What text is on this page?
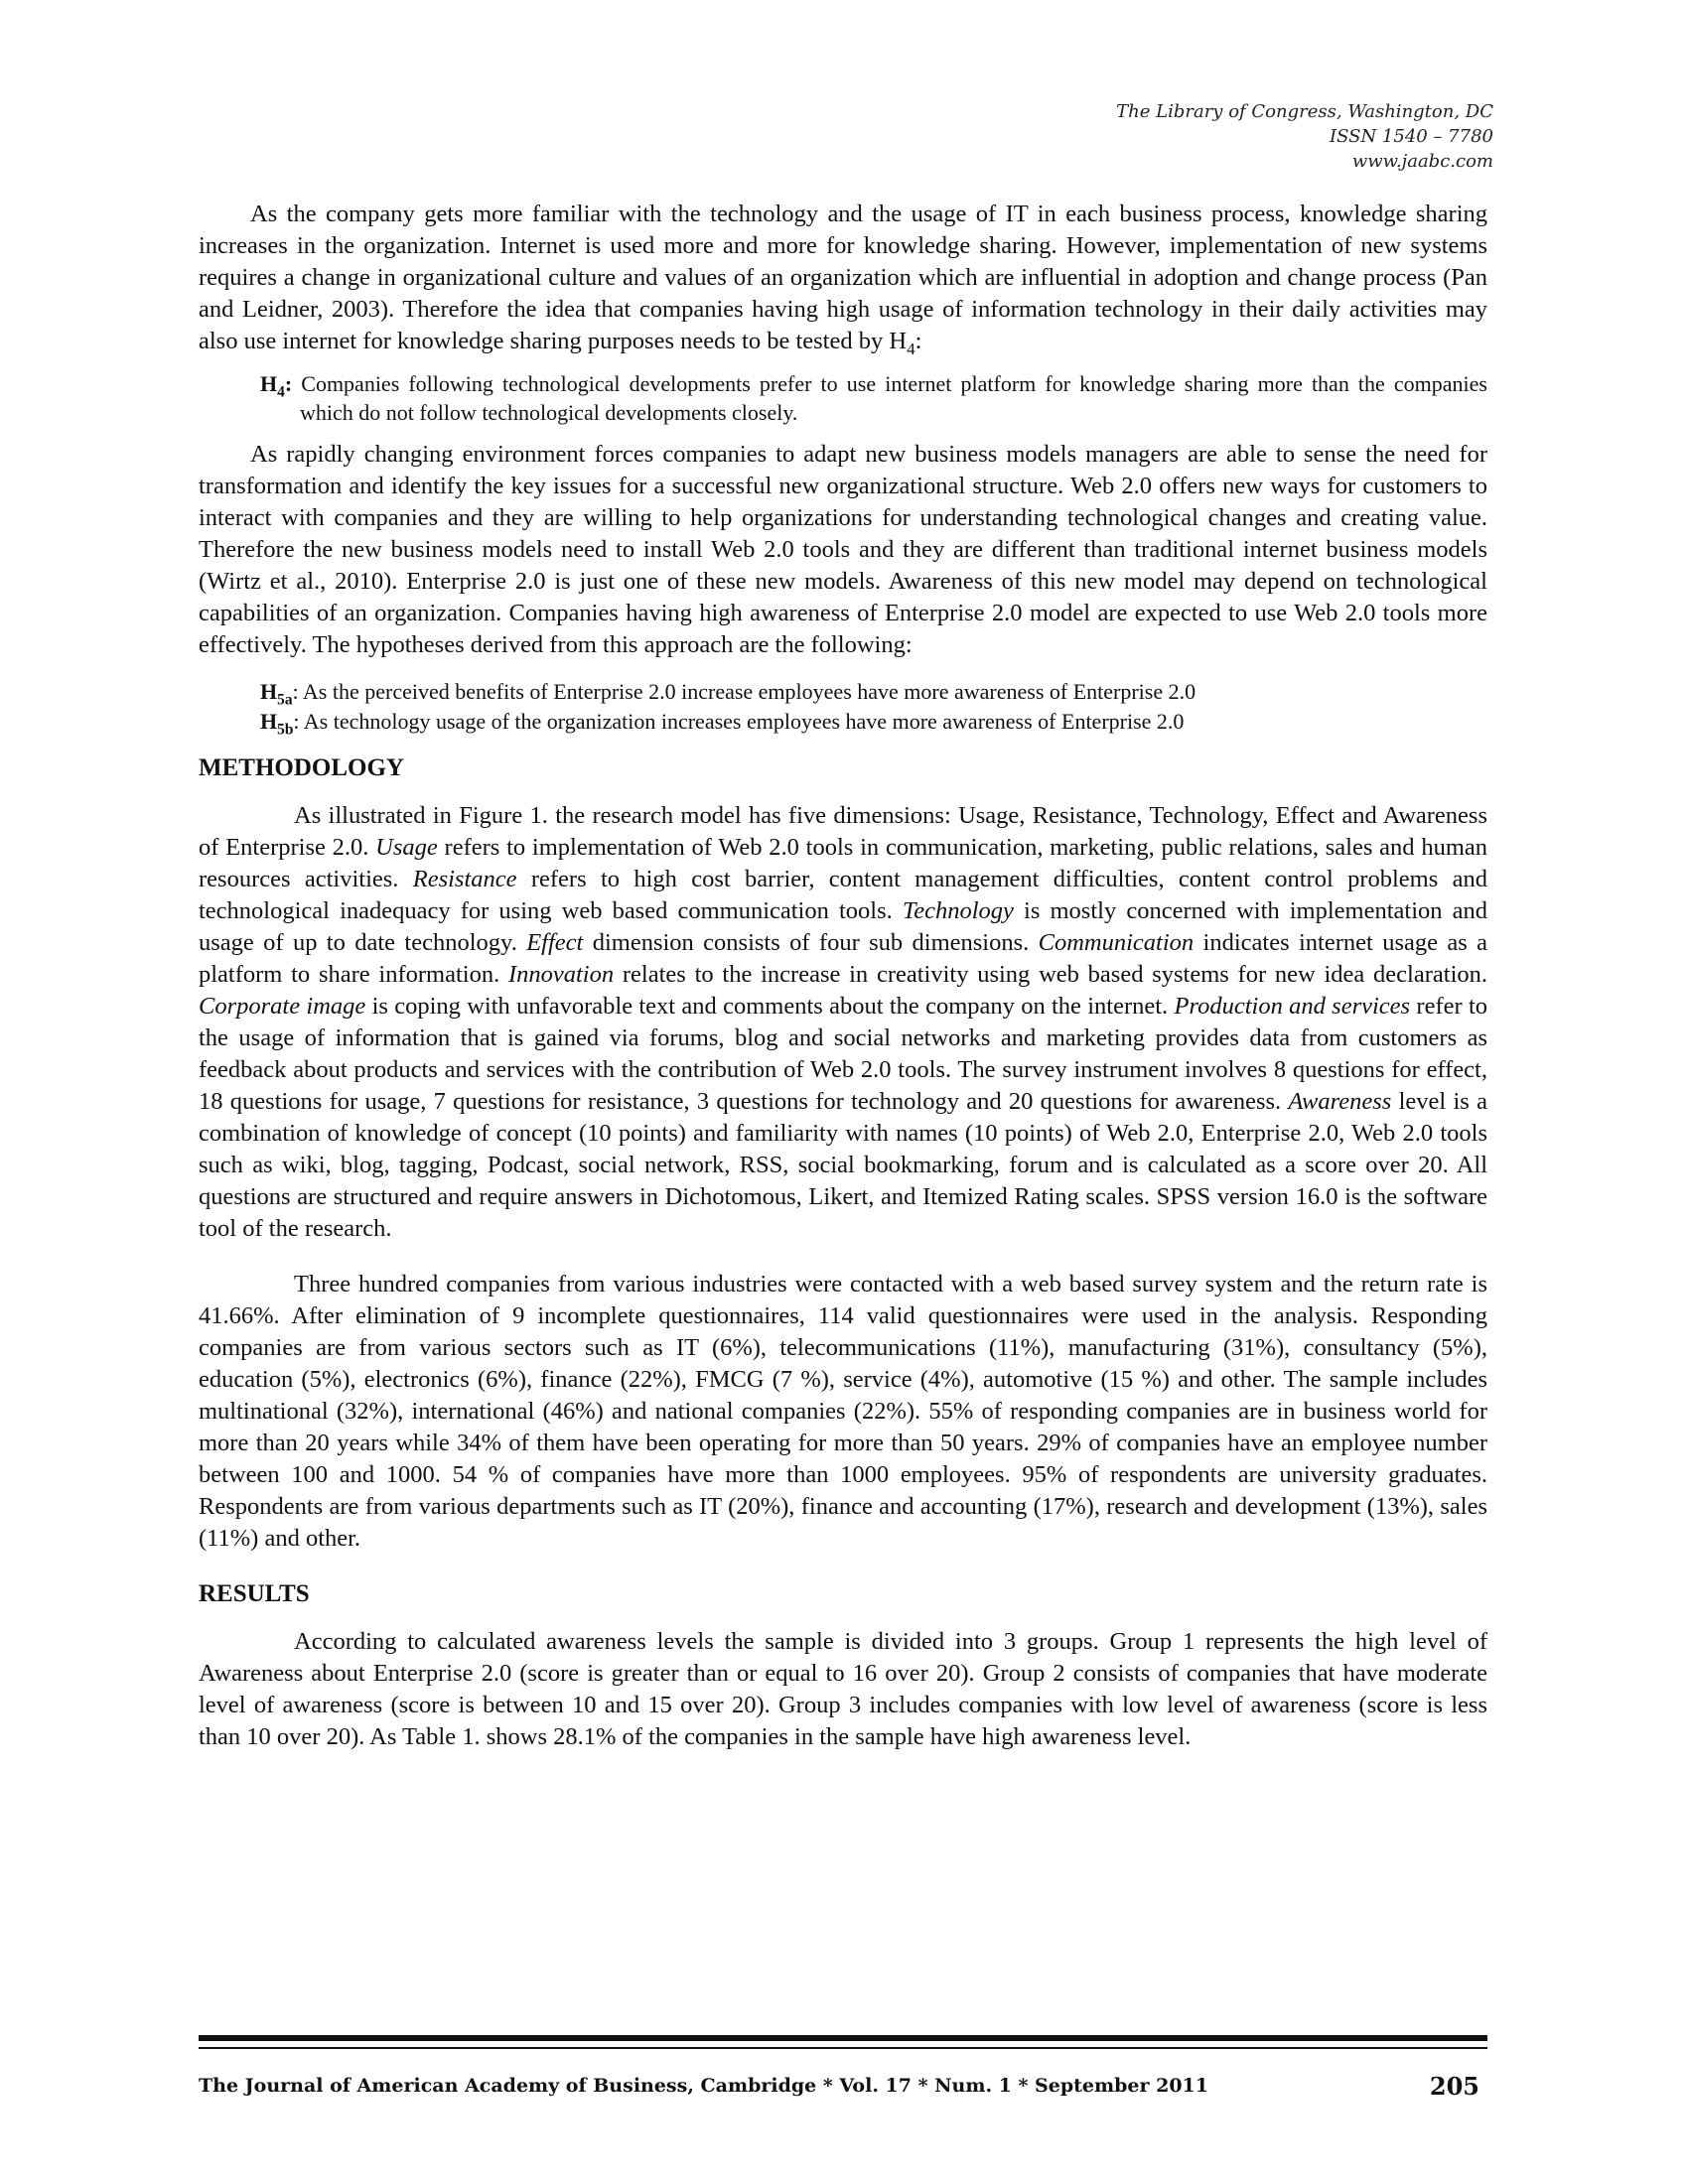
The Library of Congress, Washington, DC
ISSN 1540 – 7780
www.jaabc.com

As the company gets more familiar with the technology and the usage of IT in each business process, knowledge sharing increases in the organization. Internet is used more and more for knowledge sharing. However, implementation of new systems requires a change in organizational culture and values of an organization which are influential in adoption and change process (Pan and Leidner, 2003). Therefore the idea that companies having high usage of information technology in their daily activities may also use internet for knowledge sharing purposes needs to be tested by $H_4$:

$H_4$: Companies following technological developments prefer to use internet platform for knowledge sharing more than the companies which do not follow technological developments closely.

As rapidly changing environment forces companies to adapt new business models managers are able to sense the need for transformation and identify the key issues for a successful new organizational structure. Web 2.0 offers new ways for customers to interact with companies and they are willing to help organizations for understanding technological changes and creating value. Therefore the new business models need to install Web 2.0 tools and they are different than traditional internet business models (Wirtz et al., 2010). Enterprise 2.0 is just one of these new models. Awareness of this new model may depend on technological capabilities of an organization. Companies having high awareness of Enterprise 2.0 model are expected to use Web 2.0 tools more effectively. The hypotheses derived from this approach are the following:

$H_{5a}$: As the perceived benefits of Enterprise 2.0 increase employees have more awareness of Enterprise 2.0

$H_{5b}$: As technology usage of the organization increases employees have more awareness of Enterprise 2.0

METHODOLOGY

As illustrated in Figure 1. the research model has five dimensions: Usage, Resistance, Technology, Effect and Awareness of Enterprise 2.0. Usage refers to implementation of Web 2.0 tools in communication, marketing, public relations, sales and human resources activities. Resistance refers to high cost barrier, content management difficulties, content control problems and technological inadequacy for using web based communication tools. Technology is mostly concerned with implementation and usage of up to date technology. Effect dimension consists of four sub dimensions. Communication indicates internet usage as a platform to share information. Innovation relates to the increase in creativity using web based systems for new idea declaration. Corporate image is coping with unfavorable text and comments about the company on the internet. Production and services refer to the usage of information that is gained via forums, blog and social networks and marketing provides data from customers as feedback about products and services with the contribution of Web 2.0 tools. The survey instrument involves 8 questions for effect, 18 questions for usage, 7 questions for resistance, 3 questions for technology and 20 questions for awareness. Awareness level is a combination of knowledge of concept (10 points) and familiarity with names (10 points) of Web 2.0, Enterprise 2.0, Web 2.0 tools such as wiki, blog, tagging, Podcast, social network, RSS, social bookmarking, forum and is calculated as a score over 20. All questions are structured and require answers in Dichotomous, Likert, and Itemized Rating scales. SPSS version 16.0 is the software tool of the research.

Three hundred companies from various industries were contacted with a web based survey system and the return rate is 41.66%. After elimination of 9 incomplete questionnaires, 114 valid questionnaires were used in the analysis. Responding companies are from various sectors such as IT (6%), telecommunications (11%), manufacturing (31%), consultancy (5%), education (5%), electronics (6%), finance (22%), FMCG (7 %), service (4%), automotive (15 %) and other. The sample includes multinational (32%), international (46%) and national companies (22%). 55% of responding companies are in business world for more than 20 years while 34% of them have been operating for more than 50 years. 29% of companies have an employee number between 100 and 1000. 54 % of companies have more than 1000 employees. 95% of respondents are university graduates. Respondents are from various departments such as IT (20%), finance and accounting (17%), research and development (13%), sales (11%) and other.

RESULTS

According to calculated awareness levels the sample is divided into 3 groups. Group 1 represents the high level of Awareness about Enterprise 2.0 (score is greater than or equal to 16 over 20). Group 2 consists of companies that have moderate level of awareness (score is between 10 and 15 over 20). Group 3 includes companies with low level of awareness (score is less than 10 over 20). As Table 1. shows 28.1% of the companies in the sample have high awareness level.

The Journal of American Academy of Business, Cambridge * Vol. 17 * Num. 1 * September 2011	205
